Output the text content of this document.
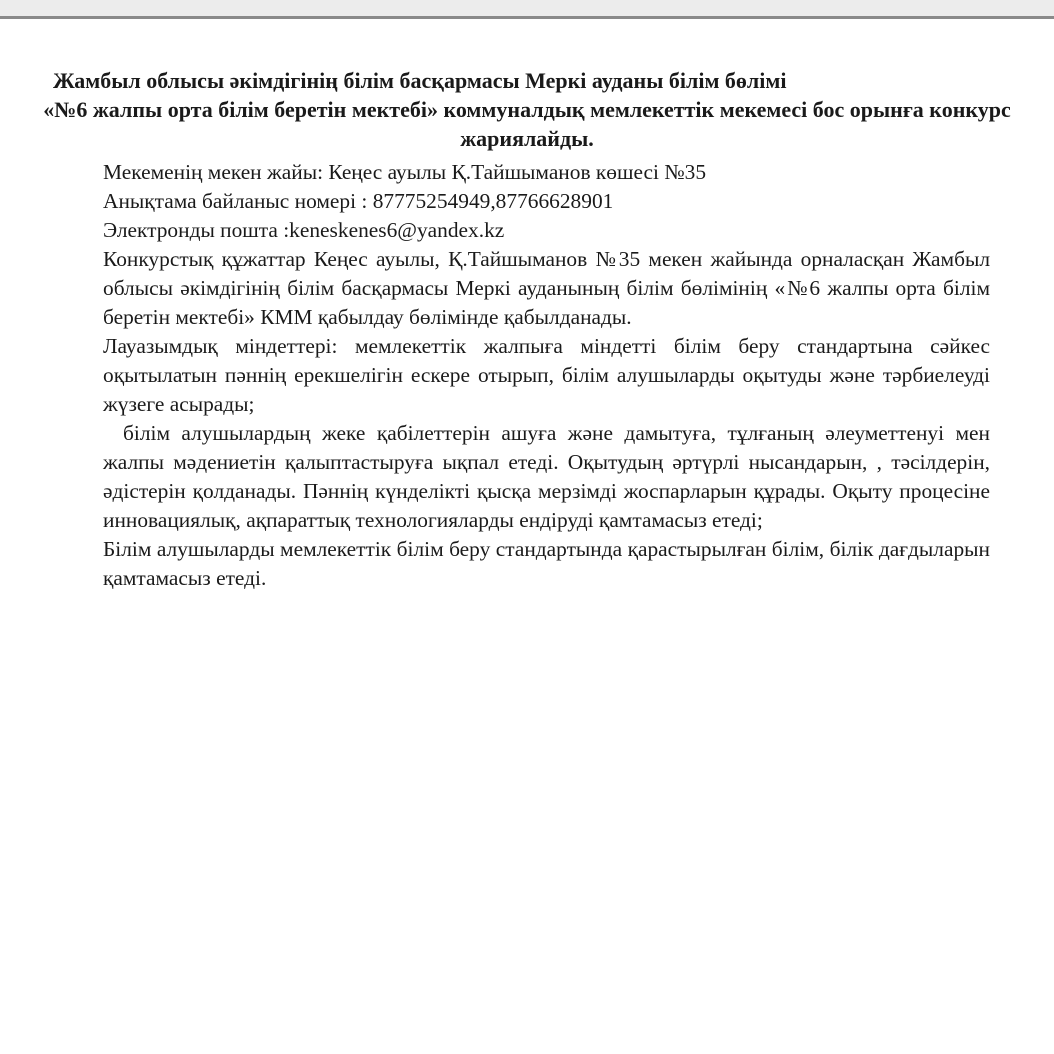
Жамбыл облысы әкімдігінің білім басқармасы Меркі ауданы білім бөлімі
«№6 жалпы орта білім беретін мектебі» коммуналдық мемлекеттік мекемесі бос орынға конкурс жариялайды.

Мекеменің мекен жайы: Кеңес ауылы Қ.Тайшыманов көшесі №35

Анықтама байланыс номері : 87775254949,87766628901

Электронды пошта :keneskenes6@yandex.kz

Конкурстық құжаттар Кеңес ауылы, Қ.Тайшыманов №35 мекен жайында орналасқан Жамбыл облысы әкімдігінің білім басқармасы Меркі ауданының білім бөлімінің «№6 жалпы орта білім беретін мектебі» КММ қабылдау бөлімінде қабылданады.

Лауазымдық міндеттері: мемлекеттік жалпыға міндетті білім беру стандартына сәйкес оқытылатын пәннің ерекшелігін ескере отырып, білім алушыларды оқытуды және тәрбиелеуді жүзеге асырады;

білім алушылардың жеке қабілеттерін ашуға және дамытуға, тұлғаның әлеуметтенуі мен жалпы мәдениетін қалыптастыруға ықпал етеді. Оқытудың әртүрлі нысандарын, , тәсілдерін, әдістерін қолданады. Пәннің күнделікті қысқа мерзімді жоспарларын құрады. Оқыту процесіне инновациялық, ақпараттық технологияларды ендіруді қамтамасыз етеді;

Білім алушыларды мемлекеттік білім беру стандартында қарастырылған білім, білік дағдыларын қамтамасыз етеді.
